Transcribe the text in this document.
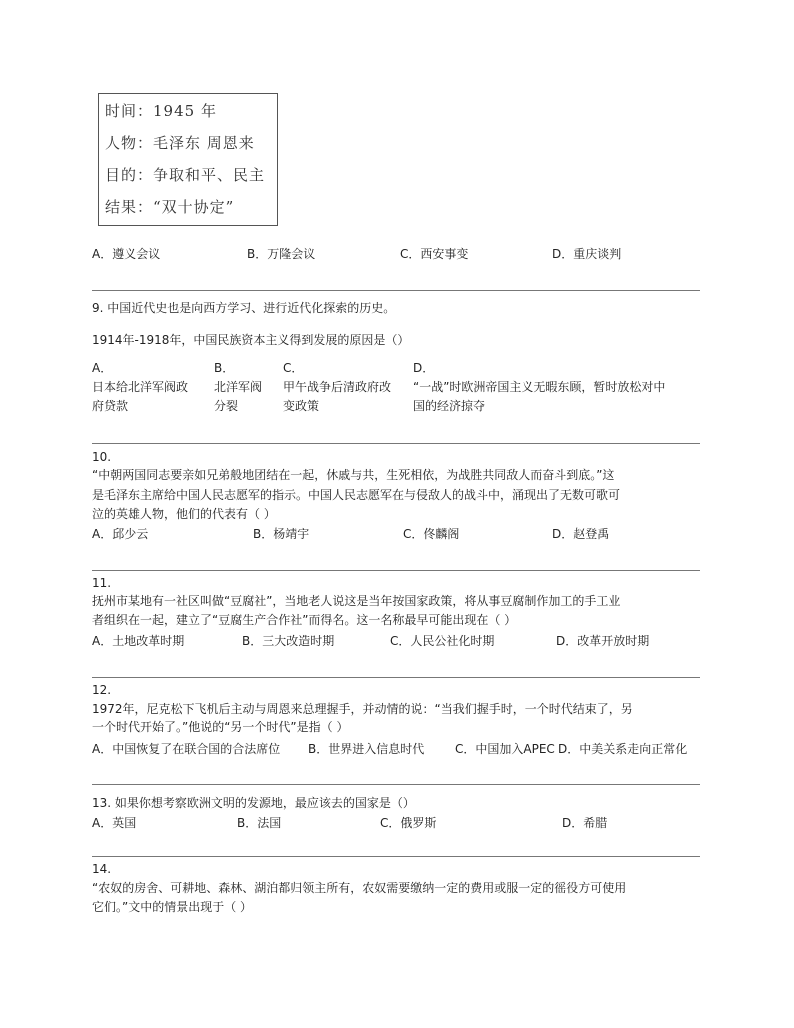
时间：1945 年
人物：毛泽东 周恩来
目的：争取和平、民主
结果：“双十协定”
A．遵义会议	B．万隆会议	C．西安事变	D．重庆谈判
9. 中国近代史也是向西方学习、进行近代化探索的历史。
1914年-1918年，中国民族资本主义得到发展的原因是（）
A．
日本给北洋军阀政
府贷款
B．
北洋军阀
分裂
C．
甲午战争后清政府改
变政策
D．
“一战”时欧洲帝国主义无暇东顾，暂时放松对中
国的经济掠夺
10.
“中朝两国同志要亲如兄弟般地团结在一起，休戚与共，生死相依，为战胜共同敌人而奋斗到底。”这
是毛泽东主席给中国人民志愿军的指示。中国人民志愿军在与侵敌人的战斗中，涌现出了无数可歌可
泣的英雄人物，他们的代表有（ ）
A．邱少云	B．杨靖宇	C．佟麟阁	D．赵登禹
11.
抚州市某地有一社区叫做“豆腐社”，当地老人说这是当年按国家政策，将从事豆腐制作加工的手工业
者组织在一起，建立了“豆腐生产合作社”而得名。这一名称最早可能出现在（ ）
A．土地改革时期	B．三大改造时期	C．人民公社化时期	D．改革开放时期
12.
1972年，尼克松下飞机后主动与周恩来总理握手，并动情的说：“当我们握手时，一个时代结束了，另
一个时代开始了。”他说的“另一个时代”是指（ ）
A．中国恢复了在联合国的合法席位 B．世界进入信息时代	C．中国加入APEC D．中美关系走向正常化
13. 如果你想考察欧洲文明的发源地，最应该去的国家是（）
A．英国	B．法国	C．俄罗斯	D．希腊
14.
“农奴的房舍、可耕地、森林、湖泊都归领主所有，农奴需要缴纳一定的费用或服一定的徭役方可使用
它们。”文中的情景出现于（ ）
